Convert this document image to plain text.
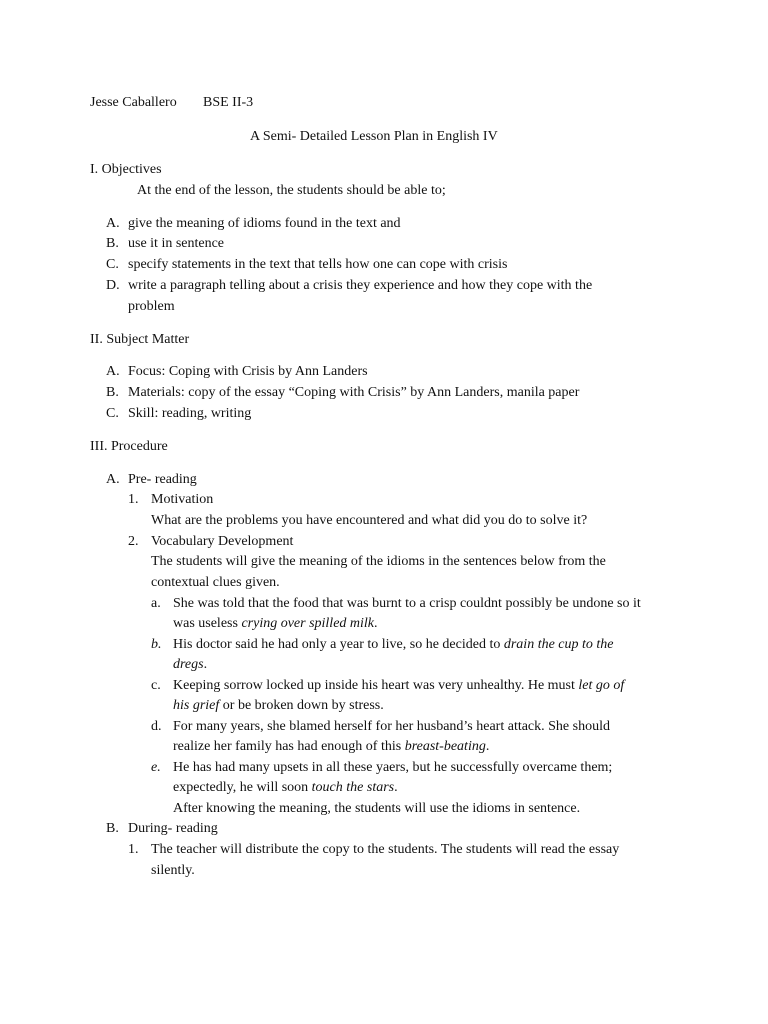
Jesse Caballero BSE II-3
A Semi- Detailed Lesson Plan in English IV
I. Objectives
At the end of the lesson, the students should be able to;
A. give the meaning of idioms found in the text and
B. use it in sentence
C. specify statements in the text that tells how one can cope with crisis
D. write a paragraph telling about a crisis they experience and how they cope with the
problem
II. Subject Matter
A. Focus: Coping with Crisis by Ann Landers
B. Materials: copy of the essay “Coping with Crisis” by Ann Landers, manila paper
C. Skill: reading, writing
III. Procedure
A. Pre- reading
1. Motivation
What are the problems you have encountered and what did you do to solve it?
2. Vocabulary Development
The students will give the meaning of the idioms in the sentences below from the
contextual clues given.
a. She was told that the food that was burnt to a crisp couldnt possibly be undone so it
was useless crying over spilled milk.
b. His doctor said he had only a year to live, so he decided to drain the cup to the
dregs.
c. Keeping sorrow locked up inside his heart was very unhealthy. He must let go of
his grief or be broken down by stress.
d. For many years, she blamed herself for her husband’s heart attack. She should
realize her family has had enough of this breast-beating.
e. He has had many upsets in all these yaers, but he successfully overcame them;
expectedly, he will soon touch the stars.
After knowing the meaning, the students will use the idioms in sentence.
B. During- reading
1. The teacher will distribute the copy to the students. The students will read the essay
silently.
